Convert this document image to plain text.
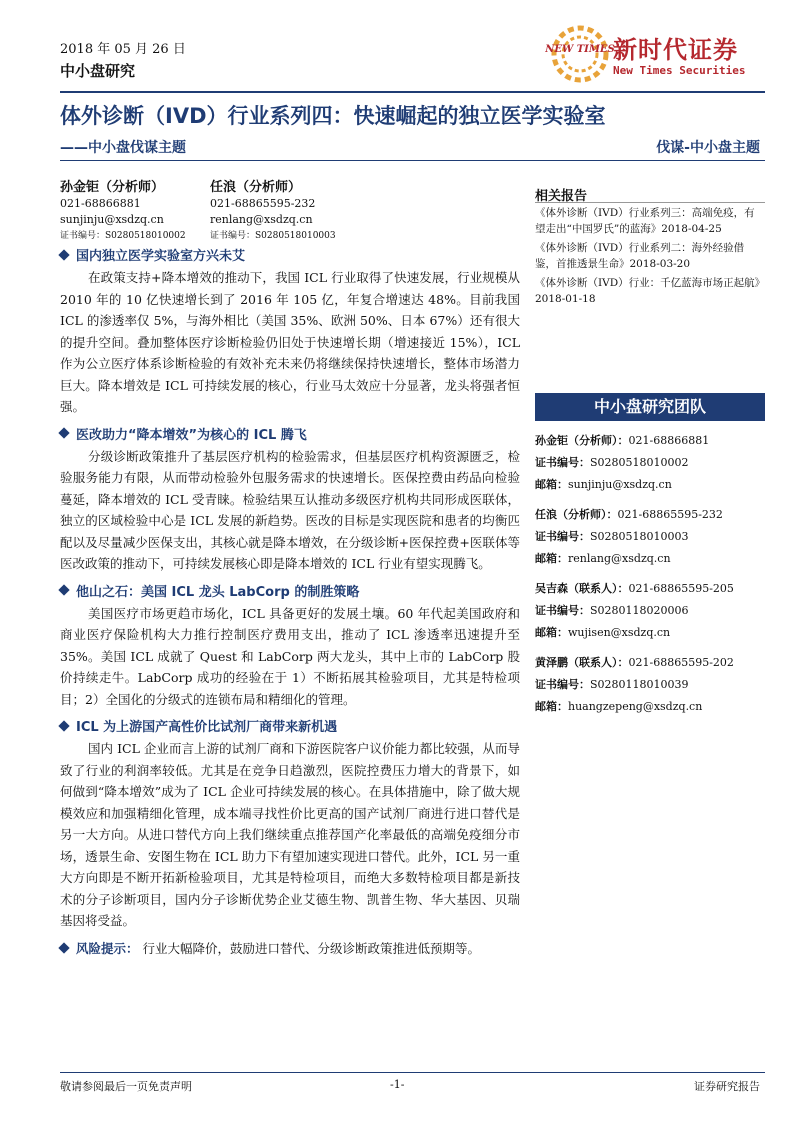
2018 年 05 月 26 日
中小盘研究
NEW TIMES
新时代证券
New Times Securities
体外诊断（IVD）行业系列四：快速崛起的独立医学实验室
——中小盘伐谋主题	伐谋-中小盘主题
孙金钜（分析师）
021-68866881
sunjinju@xsdzq.cn
证书编号：S0280518010002
任浪（分析师）
021-68865595-232
renlang@xsdzq.cn
证书编号：S0280518010003
国内独立医学实验室方兴未艾

在政策支持+降本增效的推动下，我国 ICL 行业取得了快速发展，行业规模从 2010 年的 10 亿快速增长到了 2016 年 105 亿，年复合增速达 48%。目前我国 ICL 的渗透率仅 5%，与海外相比（美国 35%、欧洲 50%、日本 67%）还有很大的提升空间。叠加整体医疗诊断检验仍旧处于快速增长期（增速接近 15%），ICL 作为公立医疗体系诊断检验的有效补充未来仍将继续保持快速增长，整体市场潜力巨大。降本增效是 ICL 可持续发展的核心，行业马太效应十分显著，龙头将强者恒强。

医改助力“降本增效”为核心的 ICL 腾飞

分级诊断政策推升了基层医疗机构的检验需求，但基层医疗机构资源匮乏，检验服务能力有限，从而带动检验外包服务需求的快速增长。医保控费由药品向检验蔓延，降本增效的 ICL 受青睐。检验结果互认推动多级医疗机构共同形成医联体，独立的区域检验中心是 ICL 发展的新趋势。医改的目标是实现医院和患者的均衡匹配以及尽量减少医保支出，其核心就是降本增效，在分级诊断+医保控费+医联体等医改政策的推动下，可持续发展核心即是降本增效的 ICL 行业有望实现腾飞。

他山之石：美国 ICL 龙头 LabCorp 的制胜策略

美国医疗市场更趋市场化，ICL 具备更好的发展土壤。60 年代起美国政府和商业医疗保险机构大力推行控制医疗费用支出，推动了 ICL 渗透率迅速提升至 35%。美国 ICL 成就了 Quest 和 LabCorp 两大龙头，其中上市的 LabCorp 股价持续走牛。LabCorp 成功的经验在于 1）不断拓展其检验项目，尤其是特检项目；2）全国化的分级式的连锁布局和精细化的管理。

ICL 为上游国产高性价比试剂厂商带来新机遇

国内 ICL 企业而言上游的试剂厂商和下游医院客户议价能力都比较强，从而导致了行业的利润率较低。尤其是在竞争日趋激烈，医院控费压力增大的背景下，如何做到“降本增效”成为了 ICL 企业可持续发展的核心。在具体措施中，除了做大规模效应和加强精细化管理，成本端寻找性价比更高的国产试剂厂商进行进口替代是另一大方向。从进口替代方向上我们继续重点推荐国产化率最低的高端免疫细分市场，透景生命、安图生物在 ICL 助力下有望加速实现进口替代。此外，ICL 另一重大方向即是不断开拓新检验项目，尤其是特检项目，而绝大多数特检项目都是新技术的分子诊断项目，国内分子诊断优势企业艾德生物、凯普生物、华大基因、贝瑞基因将受益。

风险提示： 行业大幅降价，鼓励进口替代、分级诊断政策推进低预期等。
相关报告
《体外诊断（IVD）行业系列三：高端免疫，有望走出“中国罗氏”的蓝海》2018-04-25
《体外诊断（IVD）行业系列二：海外经验借鉴，首推透景生命》2018-03-20
《体外诊断（IVD）行业：千亿蓝海市场正起航》2018-01-18
中小盘研究团队
孙金钜（分析师）：021-68866881
证书编号：S0280518010002
邮箱：sunjinju@xsdzq.cn
任浪（分析师）：021-68865595-232
证书编号：S0280518010003
邮箱：renlang@xsdzq.cn
吴吉森（联系人）：021-68865595-205
证书编号：S0280118020006
邮箱：wujisen@xsdzq.cn
黄泽鹏（联系人）：021-68865595-202
证书编号：S0280118010039
邮箱：huangzepeng@xsdzq.cn
敬请参阅最后一页免责声明	-1-	证券研究报告
